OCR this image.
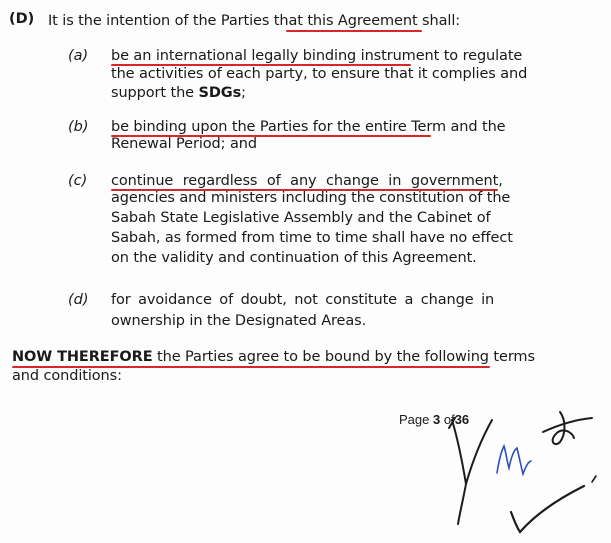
(D) It is the intention of the Parties that this Agreement shall:
(a) be an international legally binding instrument to regulate
the activities of each party, to ensure that it complies and
support the SDGs;
(b) be binding upon the Parties for the entire Term and the
Renewal Period; and
(c) continue regardless of any change in government,
agencies and ministers including the constitution of the
Sabah State Legislative Assembly and the Cabinet of
Sabah, as formed from time to time shall have no effect
on the validity and continuation of this Agreement.
(d) for avoidance of doubt, not constitute a change in
ownership in the Designated Areas.
NOW THEREFORE the Parties agree to be bound by the following terms
and conditions:
Page 3 of36
